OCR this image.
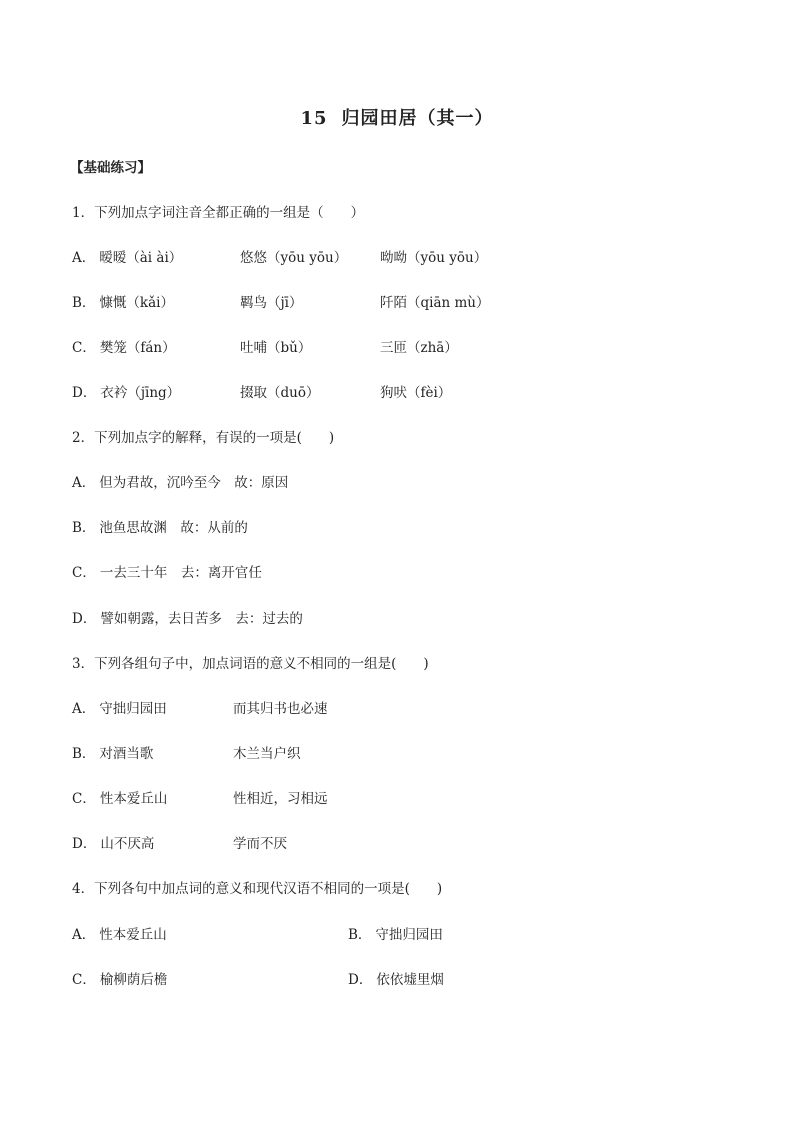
15 归园田居（其一）
【基础练习】
1．下列加点字词注音全都正确的一组是（　　）
A． 暧暧（ài ài）	悠悠（yōu yōu） 呦呦（yōu yōu）
B． 慷慨（kǎi）	羁鸟（jī）	阡陌（qiān mù）
C． 樊笼（fán）	吐哺（bǔ）	三匝（zhā）
D． 衣衿（jīng）	掇取（duō）	狗吠（fèi）
2．下列加点字的解释，有误的一项是(　　)
A． 但为君故，沉吟至今　故：原因
B． 池鱼思故渊　故：从前的
C． 一去三十年　去：离开官任
D． 譬如朝露，去日苦多　去：过去的
3．下列各组句子中，加点词语的意义不相同的一组是(　　)
A． 守拙归园田	而其归书也必速
B． 对酒当歌	木兰当户织
C． 性本爱丘山	性相近，习相远
D． 山不厌高	学而不厌
4．下列各句中加点词的意义和现代汉语不相同的一项是(　　)
A． 性本爱丘山	B． 守拙归园田
C． 榆柳荫后檐	D． 依依墟里烟
